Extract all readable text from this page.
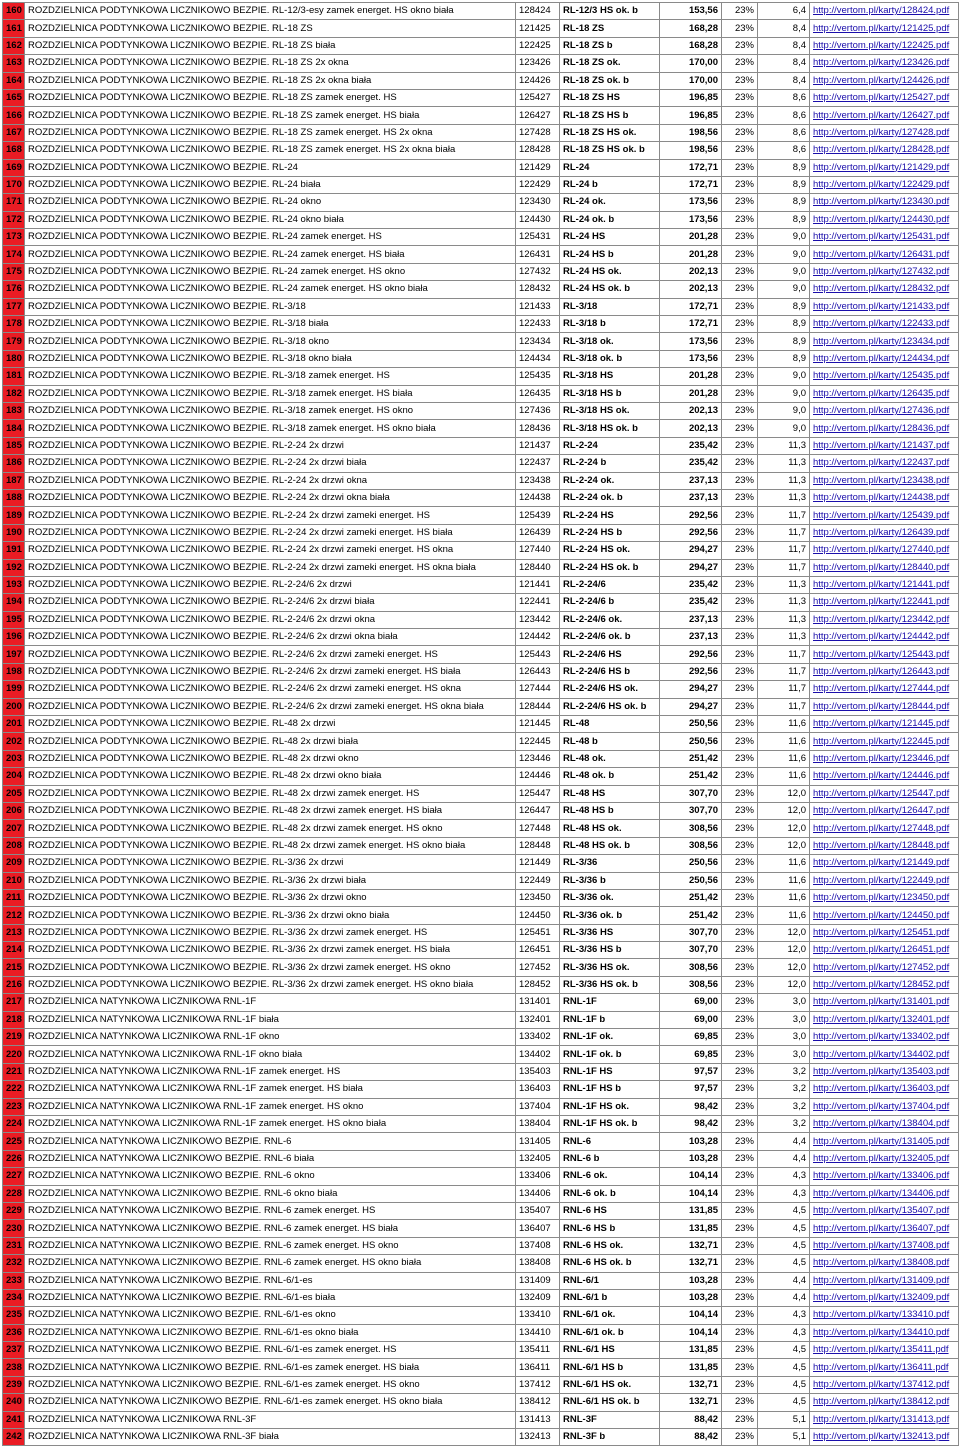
160	ROZDZIELNICA PODTYNKOWA LICZNIKOWO BEZPIE. RL-12/3-esy zamek energet. HS okno biała	128424	RL-12/3 HS ok. b	153,56	23%	6,4	http://vertom.pl/karty/128424.pdf
161	ROZDZIELNICA PODTYNKOWA LICZNIKOWO BEZPIE. RL-18 ZS	121425	RL-18 ZS	168,28	23%	8,4	http://vertom.pl/karty/121425.pdf
162	ROZDZIELNICA PODTYNKOWA LICZNIKOWO BEZPIE. RL-18 ZS biała	122425	RL-18 ZS b	168,28	23%	8,4	http://vertom.pl/karty/122425.pdf
163	ROZDZIELNICA PODTYNKOWA LICZNIKOWO BEZPIE. RL-18 ZS 2x okna	123426	RL-18 ZS ok.	170,00	23%	8,4	http://vertom.pl/karty/123426.pdf
164	ROZDZIELNICA PODTYNKOWA LICZNIKOWO BEZPIE. RL-18 ZS 2x okna biała	124426	RL-18 ZS ok. b	170,00	23%	8,4	http://vertom.pl/karty/124426.pdf
165	ROZDZIELNICA PODTYNKOWA LICZNIKOWO BEZPIE. RL-18 ZS zamek energet. HS	125427	RL-18 ZS HS	196,85	23%	8,6	http://vertom.pl/karty/125427.pdf
166	ROZDZIELNICA PODTYNKOWA LICZNIKOWO BEZPIE. RL-18 ZS zamek energet. HS biała	126427	RL-18 ZS HS b	196,85	23%	8,6	http://vertom.pl/karty/126427.pdf
167	ROZDZIELNICA PODTYNKOWA LICZNIKOWO BEZPIE. RL-18 ZS zamek energet. HS 2x okna	127428	RL-18 ZS HS ok.	198,56	23%	8,6	http://vertom.pl/karty/127428.pdf
168	ROZDZIELNICA PODTYNKOWA LICZNIKOWO BEZPIE. RL-18 ZS zamek energet. HS 2x okna biała	128428	RL-18 ZS HS ok. b	198,56	23%	8,6	http://vertom.pl/karty/128428.pdf
169	ROZDZIELNICA PODTYNKOWA LICZNIKOWO BEZPIE. RL-24	121429	RL-24	172,71	23%	8,9	http://vertom.pl/karty/121429.pdf
170	ROZDZIELNICA PODTYNKOWA LICZNIKOWO BEZPIE. RL-24 biała	122429	RL-24 b	172,71	23%	8,9	http://vertom.pl/karty/122429.pdf
171	ROZDZIELNICA PODTYNKOWA LICZNIKOWO BEZPIE. RL-24 okno	123430	RL-24 ok.	173,56	23%	8,9	http://vertom.pl/karty/123430.pdf
172	ROZDZIELNICA PODTYNKOWA LICZNIKOWO BEZPIE. RL-24 okno biała	124430	RL-24 ok. b	173,56	23%	8,9	http://vertom.pl/karty/124430.pdf
173	ROZDZIELNICA PODTYNKOWA LICZNIKOWO BEZPIE. RL-24 zamek energet. HS	125431	RL-24 HS	201,28	23%	9,0	http://vertom.pl/karty/125431.pdf
174	ROZDZIELNICA PODTYNKOWA LICZNIKOWO BEZPIE. RL-24 zamek energet. HS biała	126431	RL-24 HS b	201,28	23%	9,0	http://vertom.pl/karty/126431.pdf
175	ROZDZIELNICA PODTYNKOWA LICZNIKOWO BEZPIE. RL-24 zamek energet. HS okno	127432	RL-24 HS ok.	202,13	23%	9,0	http://vertom.pl/karty/127432.pdf
176	ROZDZIELNICA PODTYNKOWA LICZNIKOWO BEZPIE. RL-24 zamek energet. HS okno biała	128432	RL-24 HS ok. b	202,13	23%	9,0	http://vertom.pl/karty/128432.pdf
177	ROZDZIELNICA PODTYNKOWA LICZNIKOWO BEZPIE. RL-3/18	121433	RL-3/18	172,71	23%	8,9	http://vertom.pl/karty/121433.pdf
178	ROZDZIELNICA PODTYNKOWA LICZNIKOWO BEZPIE. RL-3/18 biała	122433	RL-3/18 b	172,71	23%	8,9	http://vertom.pl/karty/122433.pdf
179	ROZDZIELNICA PODTYNKOWA LICZNIKOWO BEZPIE. RL-3/18 okno	123434	RL-3/18 ok.	173,56	23%	8,9	http://vertom.pl/karty/123434.pdf
180	ROZDZIELNICA PODTYNKOWA LICZNIKOWO BEZPIE. RL-3/18 okno biała	124434	RL-3/18 ok. b	173,56	23%	8,9	http://vertom.pl/karty/124434.pdf
181	ROZDZIELNICA PODTYNKOWA LICZNIKOWO BEZPIE. RL-3/18 zamek energet. HS	125435	RL-3/18 HS	201,28	23%	9,0	http://vertom.pl/karty/125435.pdf
182	ROZDZIELNICA PODTYNKOWA LICZNIKOWO BEZPIE. RL-3/18 zamek energet. HS biała	126435	RL-3/18 HS b	201,28	23%	9,0	http://vertom.pl/karty/126435.pdf
183	ROZDZIELNICA PODTYNKOWA LICZNIKOWO BEZPIE. RL-3/18 zamek energet. HS okno	127436	RL-3/18 HS ok.	202,13	23%	9,0	http://vertom.pl/karty/127436.pdf
184	ROZDZIELNICA PODTYNKOWA LICZNIKOWO BEZPIE. RL-3/18 zamek energet. HS okno biała	128436	RL-3/18 HS ok. b	202,13	23%	9,0	http://vertom.pl/karty/128436.pdf
185	ROZDZIELNICA PODTYNKOWA LICZNIKOWO BEZPIE. RL-2-24 2x drzwi	121437	RL-2-24	235,42	23%	11,3	http://vertom.pl/karty/121437.pdf
186	ROZDZIELNICA PODTYNKOWA LICZNIKOWO BEZPIE. RL-2-24 2x drzwi biała	122437	RL-2-24 b	235,42	23%	11,3	http://vertom.pl/karty/122437.pdf
187	ROZDZIELNICA PODTYNKOWA LICZNIKOWO BEZPIE. RL-2-24 2x drzwi okna	123438	RL-2-24 ok.	237,13	23%	11,3	http://vertom.pl/karty/123438.pdf
188	ROZDZIELNICA PODTYNKOWA LICZNIKOWO BEZPIE. RL-2-24 2x drzwi okna biała	124438	RL-2-24 ok. b	237,13	23%	11,3	http://vertom.pl/karty/124438.pdf
189	ROZDZIELNICA PODTYNKOWA LICZNIKOWO BEZPIE. RL-2-24 2x drzwi zameki energet. HS	125439	RL-2-24 HS	292,56	23%	11,7	http://vertom.pl/karty/125439.pdf
190	ROZDZIELNICA PODTYNKOWA LICZNIKOWO BEZPIE. RL-2-24 2x drzwi zameki energet. HS biała	126439	RL-2-24 HS b	292,56	23%	11,7	http://vertom.pl/karty/126439.pdf
191	ROZDZIELNICA PODTYNKOWA LICZNIKOWO BEZPIE. RL-2-24 2x drzwi zameki energet. HS okna	127440	RL-2-24 HS ok.	294,27	23%	11,7	http://vertom.pl/karty/127440.pdf
192	ROZDZIELNICA PODTYNKOWA LICZNIKOWO BEZPIE. RL-2-24 2x drzwi zameki energet. HS okna biała	128440	RL-2-24 HS ok. b	294,27	23%	11,7	http://vertom.pl/karty/128440.pdf
193	ROZDZIELNICA PODTYNKOWA LICZNIKOWO BEZPIE. RL-2-24/6 2x drzwi	121441	RL-2-24/6	235,42	23%	11,3	http://vertom.pl/karty/121441.pdf
194	ROZDZIELNICA PODTYNKOWA LICZNIKOWO BEZPIE. RL-2-24/6 2x drzwi biała	122441	RL-2-24/6 b	235,42	23%	11,3	http://vertom.pl/karty/122441.pdf
195	ROZDZIELNICA PODTYNKOWA LICZNIKOWO BEZPIE. RL-2-24/6 2x drzwi okna	123442	RL-2-24/6 ok.	237,13	23%	11,3	http://vertom.pl/karty/123442.pdf
196	ROZDZIELNICA PODTYNKOWA LICZNIKOWO BEZPIE. RL-2-24/6 2x drzwi okna biała	124442	RL-2-24/6 ok. b	237,13	23%	11,3	http://vertom.pl/karty/124442.pdf
197	ROZDZIELNICA PODTYNKOWA LICZNIKOWO BEZPIE. RL-2-24/6 2x drzwi zameki energet. HS	125443	RL-2-24/6 HS	292,56	23%	11,7	http://vertom.pl/karty/125443.pdf
198	ROZDZIELNICA PODTYNKOWA LICZNIKOWO BEZPIE. RL-2-24/6 2x drzwi zameki energet. HS biała	126443	RL-2-24/6 HS b	292,56	23%	11,7	http://vertom.pl/karty/126443.pdf
199	ROZDZIELNICA PODTYNKOWA LICZNIKOWO BEZPIE. RL-2-24/6 2x drzwi zameki energet. HS okna	127444	RL-2-24/6 HS ok.	294,27	23%	11,7	http://vertom.pl/karty/127444.pdf
200	ROZDZIELNICA PODTYNKOWA LICZNIKOWO BEZPIE. RL-2-24/6 2x drzwi zameki energet. HS okna biała	128444	RL-2-24/6 HS ok. b	294,27	23%	11,7	http://vertom.pl/karty/128444.pdf
201	ROZDZIELNICA PODTYNKOWA LICZNIKOWO BEZPIE. RL-48 2x drzwi	121445	RL-48	250,56	23%	11,6	http://vertom.pl/karty/121445.pdf
202	ROZDZIELNICA PODTYNKOWA LICZNIKOWO BEZPIE. RL-48 2x drzwi biała	122445	RL-48 b	250,56	23%	11,6	http://vertom.pl/karty/122445.pdf
203	ROZDZIELNICA PODTYNKOWA LICZNIKOWO BEZPIE. RL-48 2x drzwi okno	123446	RL-48 ok.	251,42	23%	11,6	http://vertom.pl/karty/123446.pdf
204	ROZDZIELNICA PODTYNKOWA LICZNIKOWO BEZPIE. RL-48 2x drzwi okno biała	124446	RL-48 ok. b	251,42	23%	11,6	http://vertom.pl/karty/124446.pdf
205	ROZDZIELNICA PODTYNKOWA LICZNIKOWO BEZPIE. RL-48 2x drzwi zamek energet. HS	125447	RL-48 HS	307,70	23%	12,0	http://vertom.pl/karty/125447.pdf
206	ROZDZIELNICA PODTYNKOWA LICZNIKOWO BEZPIE. RL-48 2x drzwi zamek energet. HS biała	126447	RL-48 HS b	307,70	23%	12,0	http://vertom.pl/karty/126447.pdf
207	ROZDZIELNICA PODTYNKOWA LICZNIKOWO BEZPIE. RL-48 2x drzwi zamek energet. HS okno	127448	RL-48 HS ok.	308,56	23%	12,0	http://vertom.pl/karty/127448.pdf
208	ROZDZIELNICA PODTYNKOWA LICZNIKOWO BEZPIE. RL-48 2x drzwi zamek energet. HS okno biała	128448	RL-48 HS ok. b	308,56	23%	12,0	http://vertom.pl/karty/128448.pdf
209	ROZDZIELNICA PODTYNKOWA LICZNIKOWO BEZPIE. RL-3/36 2x drzwi	121449	RL-3/36	250,56	23%	11,6	http://vertom.pl/karty/121449.pdf
210	ROZDZIELNICA PODTYNKOWA LICZNIKOWO BEZPIE. RL-3/36 2x drzwi biała	122449	RL-3/36 b	250,56	23%	11,6	http://vertom.pl/karty/122449.pdf
211	ROZDZIELNICA PODTYNKOWA LICZNIKOWO BEZPIE. RL-3/36 2x drzwi okno	123450	RL-3/36 ok.	251,42	23%	11,6	http://vertom.pl/karty/123450.pdf
212	ROZDZIELNICA PODTYNKOWA LICZNIKOWO BEZPIE. RL-3/36 2x drzwi okno biała	124450	RL-3/36 ok. b	251,42	23%	11,6	http://vertom.pl/karty/124450.pdf
213	ROZDZIELNICA PODTYNKOWA LICZNIKOWO BEZPIE. RL-3/36 2x drzwi zamek energet. HS	125451	RL-3/36 HS	307,70	23%	12,0	http://vertom.pl/karty/125451.pdf
214	ROZDZIELNICA PODTYNKOWA LICZNIKOWO BEZPIE. RL-3/36 2x drzwi zamek energet. HS biała	126451	RL-3/36 HS b	307,70	23%	12,0	http://vertom.pl/karty/126451.pdf
215	ROZDZIELNICA PODTYNKOWA LICZNIKOWO BEZPIE. RL-3/36 2x drzwi zamek energet. HS okno	127452	RL-3/36 HS ok.	308,56	23%	12,0	http://vertom.pl/karty/127452.pdf
216	ROZDZIELNICA PODTYNKOWA LICZNIKOWO BEZPIE. RL-3/36 2x drzwi zamek energet. HS okno biała	128452	RL-3/36 HS ok. b	308,56	23%	12,0	http://vertom.pl/karty/128452.pdf
217	ROZDZIELNICA NATYNKOWA LICZNIKOWA RNL-1F	131401	RNL-1F	69,00	23%	3,0	http://vertom.pl/karty/131401.pdf
218	ROZDZIELNICA NATYNKOWA LICZNIKOWA RNL-1F biała	132401	RNL-1F b	69,00	23%	3,0	http://vertom.pl/karty/132401.pdf
219	ROZDZIELNICA NATYNKOWA LICZNIKOWA RNL-1F okno	133402	RNL-1F ok.	69,85	23%	3,0	http://vertom.pl/karty/133402.pdf
220	ROZDZIELNICA NATYNKOWA LICZNIKOWA RNL-1F okno biała	134402	RNL-1F ok. b	69,85	23%	3,0	http://vertom.pl/karty/134402.pdf
221	ROZDZIELNICA NATYNKOWA LICZNIKOWA RNL-1F zamek energet. HS	135403	RNL-1F HS	97,57	23%	3,2	http://vertom.pl/karty/135403.pdf
222	ROZDZIELNICA NATYNKOWA LICZNIKOWA RNL-1F zamek energet. HS biała	136403	RNL-1F HS b	97,57	23%	3,2	http://vertom.pl/karty/136403.pdf
223	ROZDZIELNICA NATYNKOWA LICZNIKOWA RNL-1F zamek energet. HS okno	137404	RNL-1F HS ok.	98,42	23%	3,2	http://vertom.pl/karty/137404.pdf
224	ROZDZIELNICA NATYNKOWA LICZNIKOWA RNL-1F zamek energet. HS okno biała	138404	RNL-1F HS ok. b	98,42	23%	3,2	http://vertom.pl/karty/138404.pdf
225	ROZDZIELNICA NATYNKOWA LICZNIKOWO BEZPIE. RNL-6	131405	RNL-6	103,28	23%	4,4	http://vertom.pl/karty/131405.pdf
226	ROZDZIELNICA NATYNKOWA LICZNIKOWO BEZPIE. RNL-6 biała	132405	RNL-6 b	103,28	23%	4,4	http://vertom.pl/karty/132405.pdf
227	ROZDZIELNICA NATYNKOWA LICZNIKOWO BEZPIE. RNL-6 okno	133406	RNL-6 ok.	104,14	23%	4,3	http://vertom.pl/karty/133406.pdf
228	ROZDZIELNICA NATYNKOWA LICZNIKOWO BEZPIE. RNL-6 okno biała	134406	RNL-6 ok. b	104,14	23%	4,3	http://vertom.pl/karty/134406.pdf
229	ROZDZIELNICA NATYNKOWA LICZNIKOWO BEZPIE. RNL-6 zamek energet. HS	135407	RNL-6 HS	131,85	23%	4,5	http://vertom.pl/karty/135407.pdf
230	ROZDZIELNICA NATYNKOWA LICZNIKOWO BEZPIE. RNL-6 zamek energet. HS biała	136407	RNL-6 HS b	131,85	23%	4,5	http://vertom.pl/karty/136407.pdf
231	ROZDZIELNICA NATYNKOWA LICZNIKOWO BEZPIE. RNL-6 zamek energet. HS okno	137408	RNL-6 HS ok.	132,71	23%	4,5	http://vertom.pl/karty/137408.pdf
232	ROZDZIELNICA NATYNKOWA LICZNIKOWO BEZPIE. RNL-6 zamek energet. HS okno biała	138408	RNL-6 HS ok. b	132,71	23%	4,5	http://vertom.pl/karty/138408.pdf
233	ROZDZIELNICA NATYNKOWA LICZNIKOWO BEZPIE. RNL-6/1-es	131409	RNL-6/1	103,28	23%	4,4	http://vertom.pl/karty/131409.pdf
234	ROZDZIELNICA NATYNKOWA LICZNIKOWO BEZPIE. RNL-6/1-es biała	132409	RNL-6/1 b	103,28	23%	4,4	http://vertom.pl/karty/132409.pdf
235	ROZDZIELNICA NATYNKOWA LICZNIKOWO BEZPIE. RNL-6/1-es okno	133410	RNL-6/1 ok.	104,14	23%	4,3	http://vertom.pl/karty/133410.pdf
236	ROZDZIELNICA NATYNKOWA LICZNIKOWO BEZPIE. RNL-6/1-es okno biała	134410	RNL-6/1 ok. b	104,14	23%	4,3	http://vertom.pl/karty/134410.pdf
237	ROZDZIELNICA NATYNKOWA LICZNIKOWO BEZPIE. RNL-6/1-es zamek energet. HS	135411	RNL-6/1 HS	131,85	23%	4,5	http://vertom.pl/karty/135411.pdf
238	ROZDZIELNICA NATYNKOWA LICZNIKOWO BEZPIE. RNL-6/1-es zamek energet. HS biała	136411	RNL-6/1 HS b	131,85	23%	4,5	http://vertom.pl/karty/136411.pdf
239	ROZDZIELNICA NATYNKOWA LICZNIKOWO BEZPIE. RNL-6/1-es zamek energet. HS okno	137412	RNL-6/1 HS ok.	132,71	23%	4,5	http://vertom.pl/karty/137412.pdf
240	ROZDZIELNICA NATYNKOWA LICZNIKOWO BEZPIE. RNL-6/1-es zamek energet. HS okno biała	138412	RNL-6/1 HS ok. b	132,71	23%	4,5	http://vertom.pl/karty/138412.pdf
241	ROZDZIELNICA NATYNKOWA LICZNIKOWA RNL-3F	131413	RNL-3F	88,42	23%	5,1	http://vertom.pl/karty/131413.pdf
242	ROZDZIELNICA NATYNKOWA LICZNIKOWA RNL-3F biała	132413	RNL-3F b	88,42	23%	5,1	http://vertom.pl/karty/132413.pdf
